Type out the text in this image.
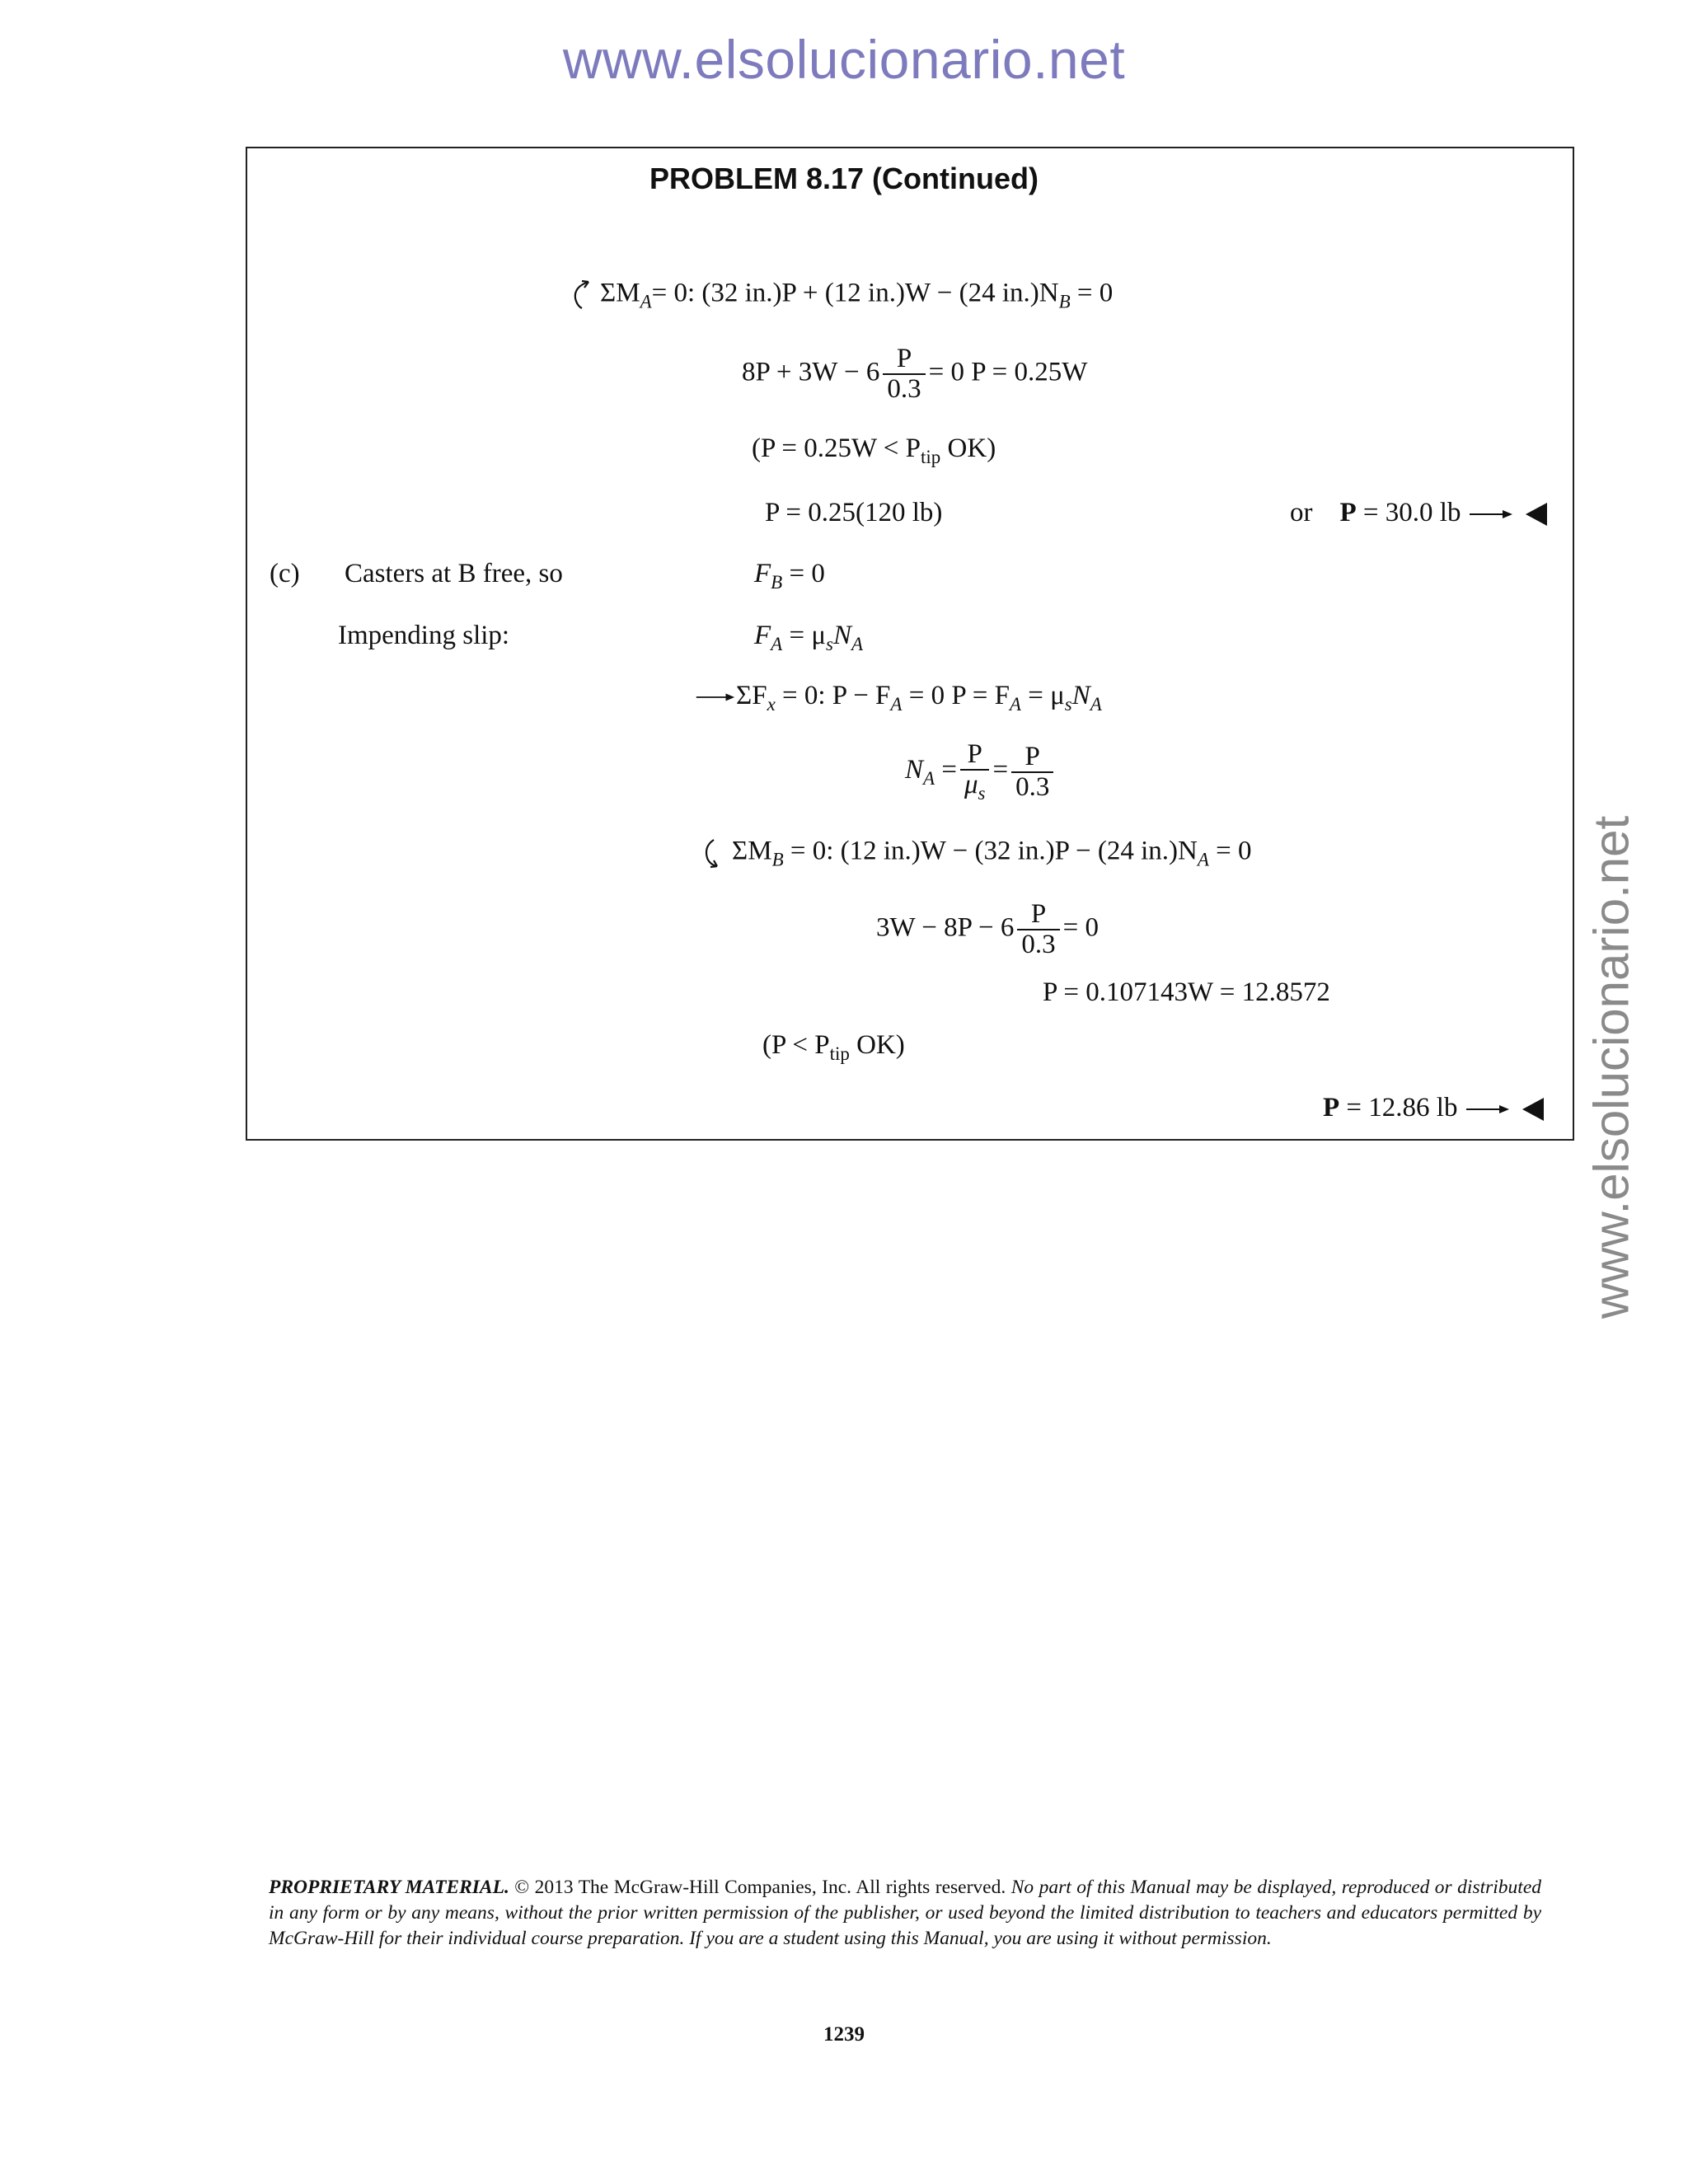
www.elsolucionario.net
www.elsolucionario.net
PROBLEM 8.17 (Continued)
$\Sigma M_A= 0$: (32 in.)P + (12 in.)W − (24 $in.)N_B = 0$
$8P + 3W - 6 \frac{P}{0.3} = 0$ P = 0.25W
($P = 0.25W < P_{tip}$ OK)
P = 0.25(120 lb)	or P = 30.0 lb
(c) Casters at B free, so	$F_B = 0$
Impending slip:	$F_A = \mu_sN_A$
$\Sigma F_x = 0$: $P - F_A = 0$ $P = F_A = \mu_sN_A$
$N_A = \frac{P}{\mu_s} = \frac{P}{0.3}$
$\Sigma M_B = 0$: (12 in.)W − (32 in.)P − (24 $in.)N_A = 0$
$3W - 8P - 6 \frac{P}{0.3} = 0$
P = 0.107143W = 12.8572
($P < P_{tip}$ OK)
P = 12.86 lb
PROPRIETARY MATERIAL. © 2013 The McGraw-Hill Companies, Inc. All rights reserved. No part of this Manual may be displayed, reproduced or distributed in any form or by any means, without the prior written permission of the publisher, or used beyond the limited distribution to teachers and educators permitted by McGraw-Hill for their individual course preparation. If you are a student using this Manual, you are using it without permission.
1239
